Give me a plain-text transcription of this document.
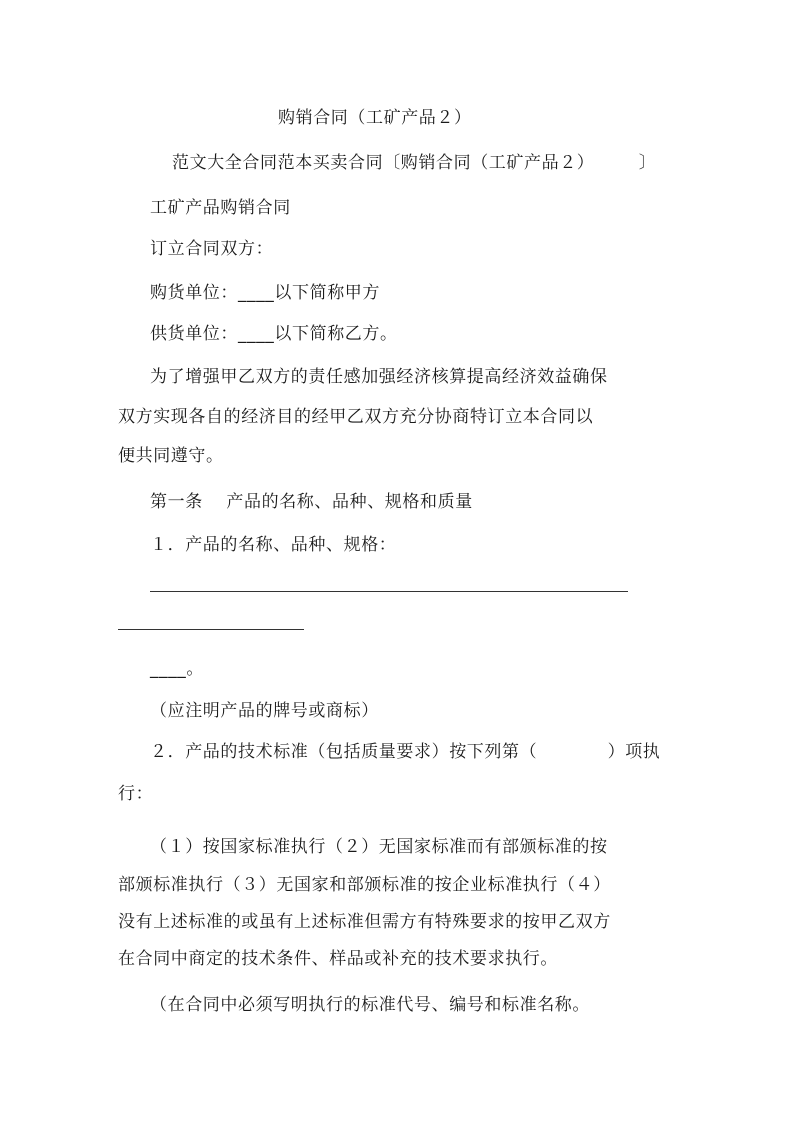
购销合同（工矿产品２）
范文大全合同范本买卖合同〔购销合同（工矿产品２）　　　〕
工矿产品购销合同
订立合同双方：
购货单位：____以下简称甲方
供货单位：____以下简称乙方。
为了增强甲乙双方的责任感加强经济核算提高经济效益确保
双方实现各自的经济目的经甲乙双方充分协商特订立本合同以
便共同遵守。
第一条　 产品的名称、品种、规格和质量
１．产品的名称、品种、规格：
____。
（应注明产品的牌号或商标）
２．产品的技术标准（包括质量要求）按下列第（　　　　）项执
行：
（１）按国家标准执行（２）无国家标准而有部颁标准的按
部颁标准执行（３）无国家和部颁标准的按企业标准执行（４）
没有上述标准的或虽有上述标准但需方有特殊要求的按甲乙双方
在合同中商定的技术条件、样品或补充的技术要求执行。
（在合同中必须写明执行的标准代号、编号和标准名称。
